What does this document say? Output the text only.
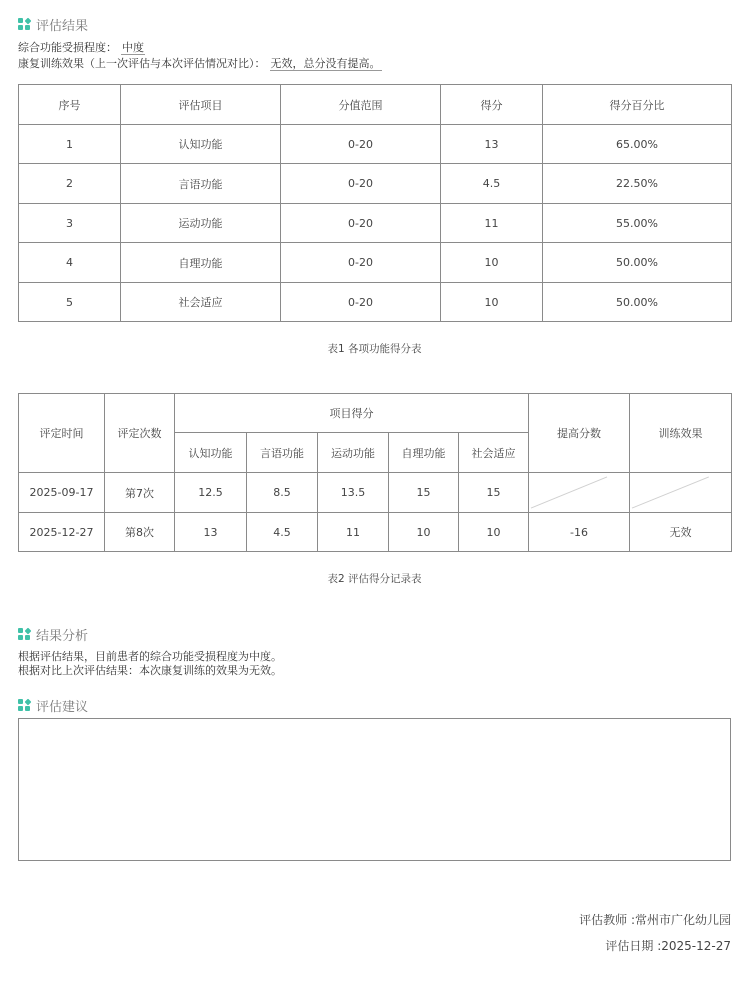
评估结果
综合功能受损程度： 中度
康复训练效果（上一次评估与本次评估情况对比）： 无效，总分没有提高。
序号	评估项目	分值范围	得分	得分百分比
1	认知功能	0-20	13	65.00%
2	言语功能	0-20	4.5	22.50%
3	运动功能	0-20	11	55.00%
4	自理功能	0-20	10	50.00%
5	社会适应	0-20	10	50.00%
表1 各项功能得分表
评定时间	评定次数	项目得分					提高分数	训练效果
		认知功能	言语功能	运动功能	自理功能	社会适应		
2025-09-17	第7次	12.5	8.5	13.5	15	15	

2025-12-27	第8次	13	4.5	11	10	10	-16	无效
表2 评估得分记录表
结果分析
根据评估结果，目前患者的综合功能受损程度为中度。
根据对比上次评估结果：本次康复训练的效果为无效。
评估建议
评估教师 :常州市广化幼儿园
评估日期 :2025-12-27
